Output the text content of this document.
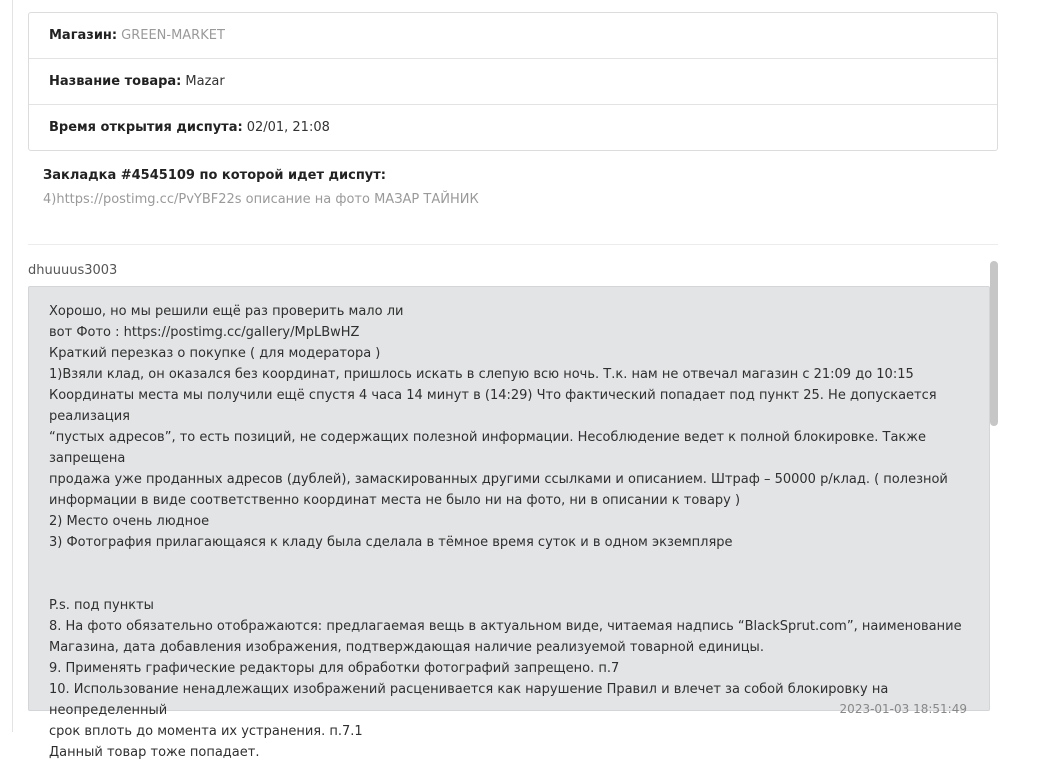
Магазин: GREEN-MARKET
Название товара: Mazar
Время открытия диспута: 02/01, 21:08
Закладка #4545109 по которой идет диспут:
4)https://postimg.cc/PvYBF22s описание на фото МАЗАР ТАЙНИК
dhuuuus3003
Хорошо, но мы решили ещё раз проверить мало ли
вот Фото : https://postimg.cc/gallery/MpLBwHZ
Краткий перезказ о покупке ( для модератора )
1)Взяли клад, он оказался без координат, пришлось искать в слепую всю ночь. Т.к. нам не отвечал магазин с 21:09 до 10:15
Координаты места мы получили ещё спустя 4 часа 14 минут в (14:29) Что фактический попадает под пункт 25. Не допускается реализация
“пустых адресов”, то есть позиций, не содержащих полезной информации. Несоблюдение ведет к полной блокировке. Также запрещена
продажа уже проданных адресов (дублей), замаскированных другими ссылками и описанием. Штраф – 50000 р/клад. ( полезной
информации в виде соответственно координат места не было ни на фото, ни в описании к товару )
2) Место очень людное
3) Фотография прилагающаяся к кладу была сделала в тёмное время суток и в одном экземпляре
P.s. под пункты
8. На фото обязательно отображаются: предлагаемая вещь в актуальном виде, читаемая надпись “BlackSprut.com”, наименование
Магазина, дата добавления изображения, подтверждающая наличие реализуемой товарной единицы.
9. Применять графические редакторы для обработки фотографий запрещено. п.7
10. Использование ненадлежащих изображений расценивается как нарушение Правил и влечет за собой блокировку на неопределенный
срок вплоть до момента их устранения. п.7.1
Данный товар тоже попадает.
2023-01-03 18:51:49
